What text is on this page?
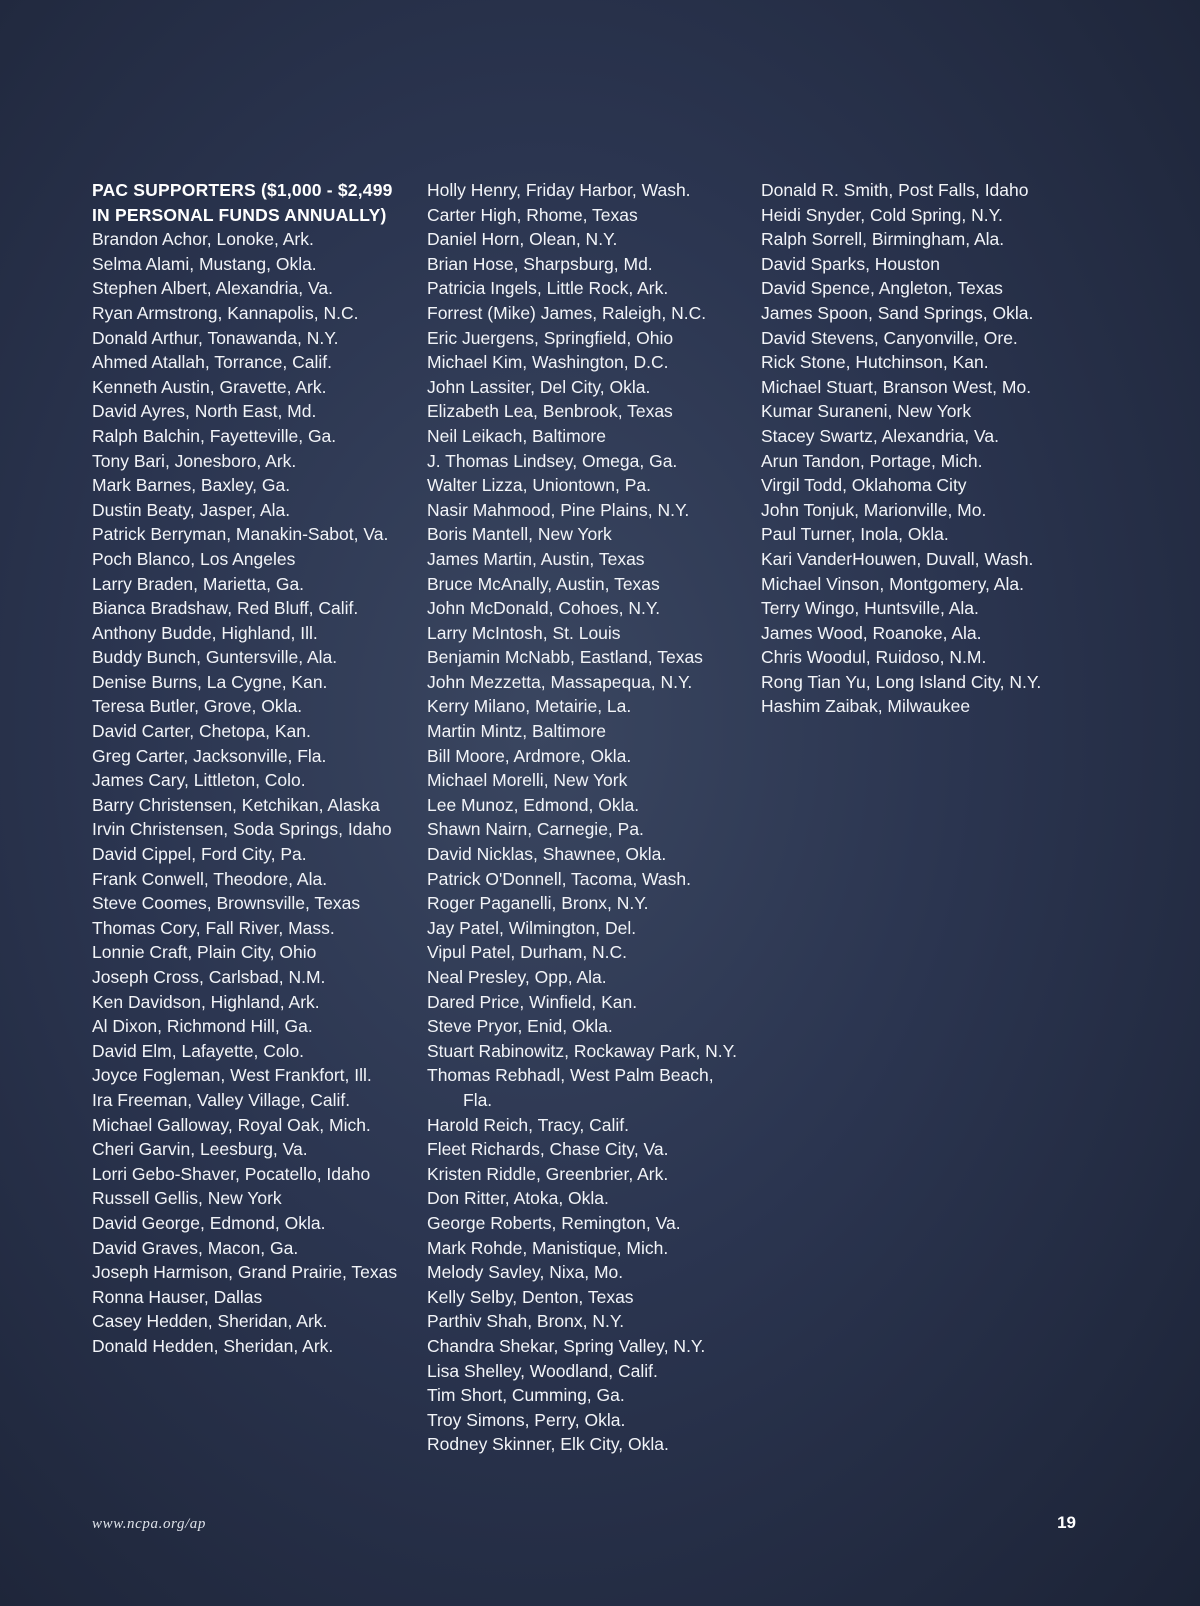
PAC SUPPORTERS ($1,000 - $2,499 IN PERSONAL FUNDS ANNUALLY)
Brandon Achor, Lonoke, Ark.
Selma Alami, Mustang, Okla.
Stephen Albert, Alexandria, Va.
Ryan Armstrong, Kannapolis, N.C.
Donald Arthur, Tonawanda, N.Y.
Ahmed Atallah, Torrance, Calif.
Kenneth Austin, Gravette, Ark.
David Ayres, North East, Md.
Ralph Balchin, Fayetteville, Ga.
Tony Bari, Jonesboro, Ark.
Mark Barnes, Baxley, Ga.
Dustin Beaty, Jasper, Ala.
Patrick Berryman, Manakin-Sabot, Va.
Poch Blanco, Los Angeles
Larry Braden, Marietta, Ga.
Bianca Bradshaw, Red Bluff, Calif.
Anthony Budde, Highland, Ill.
Buddy Bunch, Guntersville, Ala.
Denise Burns, La Cygne, Kan.
Teresa Butler, Grove, Okla.
David Carter, Chetopa, Kan.
Greg Carter, Jacksonville, Fla.
James Cary, Littleton, Colo.
Barry Christensen, Ketchikan, Alaska
Irvin Christensen, Soda Springs, Idaho
David Cippel, Ford City, Pa.
Frank Conwell, Theodore, Ala.
Steve Coomes, Brownsville, Texas
Thomas Cory, Fall River, Mass.
Lonnie Craft, Plain City, Ohio
Joseph Cross, Carlsbad, N.M.
Ken Davidson, Highland, Ark.
Al Dixon, Richmond Hill, Ga.
David Elm, Lafayette, Colo.
Joyce Fogleman, West Frankfort, Ill.
Ira Freeman, Valley Village, Calif.
Michael Galloway, Royal Oak, Mich.
Cheri Garvin, Leesburg, Va.
Lorri Gebo-Shaver, Pocatello, Idaho
Russell Gellis, New York
David George, Edmond, Okla.
David Graves, Macon, Ga.
Joseph Harmison, Grand Prairie, Texas
Ronna Hauser, Dallas
Casey Hedden, Sheridan, Ark.
Donald Hedden, Sheridan, Ark.
Holly Henry, Friday Harbor, Wash.
Carter High, Rhome, Texas
Daniel Horn, Olean, N.Y.
Brian Hose, Sharpsburg, Md.
Patricia Ingels, Little Rock, Ark.
Forrest (Mike) James, Raleigh, N.C.
Eric Juergens, Springfield, Ohio
Michael Kim, Washington, D.C.
John Lassiter, Del City, Okla.
Elizabeth Lea, Benbrook, Texas
Neil Leikach, Baltimore
J. Thomas Lindsey, Omega, Ga.
Walter Lizza, Uniontown, Pa.
Nasir Mahmood, Pine Plains, N.Y.
Boris Mantell, New York
James Martin, Austin, Texas
Bruce McAnally, Austin, Texas
John McDonald, Cohoes, N.Y.
Larry McIntosh, St. Louis
Benjamin McNabb, Eastland, Texas
John Mezzetta, Massapequa, N.Y.
Kerry Milano, Metairie, La.
Martin Mintz, Baltimore
Bill Moore, Ardmore, Okla.
Michael Morelli, New York
Lee Munoz, Edmond, Okla.
Shawn Nairn, Carnegie, Pa.
David Nicklas, Shawnee, Okla.
Patrick O'Donnell, Tacoma, Wash.
Roger Paganelli, Bronx, N.Y.
Jay Patel, Wilmington, Del.
Vipul Patel, Durham, N.C.
Neal Presley, Opp, Ala.
Dared Price, Winfield, Kan.
Steve Pryor, Enid, Okla.
Stuart Rabinowitz, Rockaway Park, N.Y.
Thomas Rebhadl, West Palm Beach, Fla.
Harold Reich, Tracy, Calif.
Fleet Richards, Chase City, Va.
Kristen Riddle, Greenbrier, Ark.
Don Ritter, Atoka, Okla.
George Roberts, Remington, Va.
Mark Rohde, Manistique, Mich.
Melody Savley, Nixa, Mo.
Kelly Selby, Denton, Texas
Parthiv Shah, Bronx, N.Y.
Chandra Shekar, Spring Valley, N.Y.
Lisa Shelley, Woodland, Calif.
Tim Short, Cumming, Ga.
Troy Simons, Perry, Okla.
Rodney Skinner, Elk City, Okla.
Donald R. Smith, Post Falls, Idaho
Heidi Snyder, Cold Spring, N.Y.
Ralph Sorrell, Birmingham, Ala.
David Sparks, Houston
David Spence, Angleton, Texas
James Spoon, Sand Springs, Okla.
David Stevens, Canyonville, Ore.
Rick Stone, Hutchinson, Kan.
Michael Stuart, Branson West, Mo.
Kumar Suraneni, New York
Stacey Swartz, Alexandria, Va.
Arun Tandon, Portage, Mich.
Virgil Todd, Oklahoma City
John Tonjuk, Marionville, Mo.
Paul Turner, Inola, Okla.
Kari VanderHouwen, Duvall, Wash.
Michael Vinson, Montgomery, Ala.
Terry Wingo, Huntsville, Ala.
James Wood, Roanoke, Ala.
Chris Woodul, Ruidoso, N.M.
Rong Tian Yu, Long Island City, N.Y.
Hashim Zaibak, Milwaukee
www.ncpa.org/ap	19
